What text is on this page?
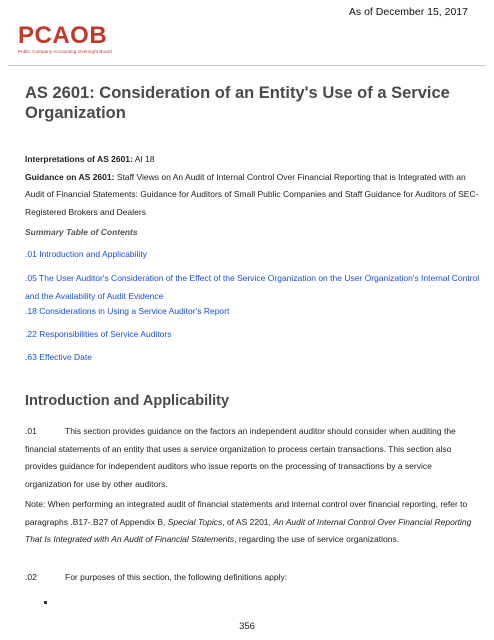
As of December 15, 2017
PCAOB
Public Company Accounting Oversight Board
AS 2601: Consideration of an Entity's Use of a Service Organization
Interpretations of AS 2601: AI 18
Guidance on AS 2601: Staff Views on An Audit of Internal Control Over Financial Reporting that is Integrated with an Audit of Financial Statements: Guidance for Auditors of Small Public Companies and Staff Guidance for Auditors of SEC-Registered Brokers and Dealers
Summary Table of Contents
.01 Introduction and Applicability
.05 The User Auditor's Consideration of the Effect of the Service Organization on the User Organization's Internal Control and the Availability of Audit Evidence
.18 Considerations in Using a Service Auditor's Report
.22 Responsibilities of Service Auditors
.63 Effective Date
Introduction and Applicability
.01	This section provides guidance on the factors an independent auditor should consider when auditing the financial statements of an entity that uses a service organization to process certain transactions. This section also provides guidance for independent auditors who issue reports on the processing of transactions by a service organization for use by other auditors.
Note: When performing an integrated audit of financial statements and internal control over financial reporting, refer to paragraphs .B17-.B27 of Appendix B, Special Topics, of AS 2201, An Audit of Internal Control Over Financial Reporting That Is Integrated with An Audit of Financial Statements, regarding the use of service organizations.
.02	For purposes of this section, the following definitions apply:
356
